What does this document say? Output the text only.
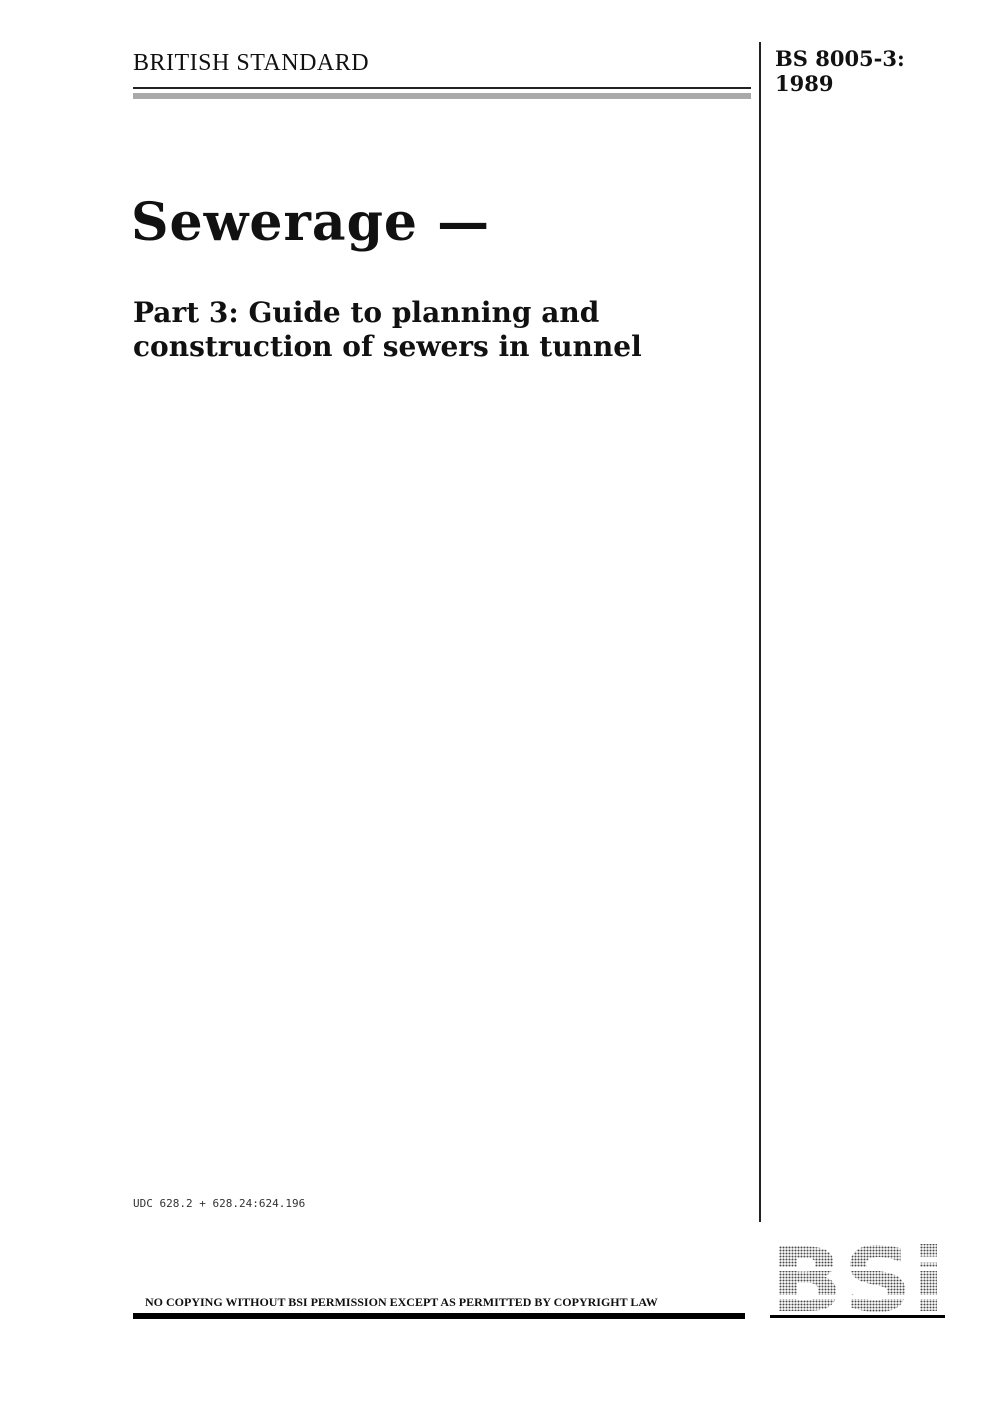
BRITISH STANDARD	BS 8005-3:
1989
Sewerage —
Part 3: Guide to planning and
construction of sewers in tunnel
UDC 628.2 + 628.24:624.196
NO COPYING WITHOUT BSI PERMISSION EXCEPT AS PERMITTED BY COPYRIGHT LAW
